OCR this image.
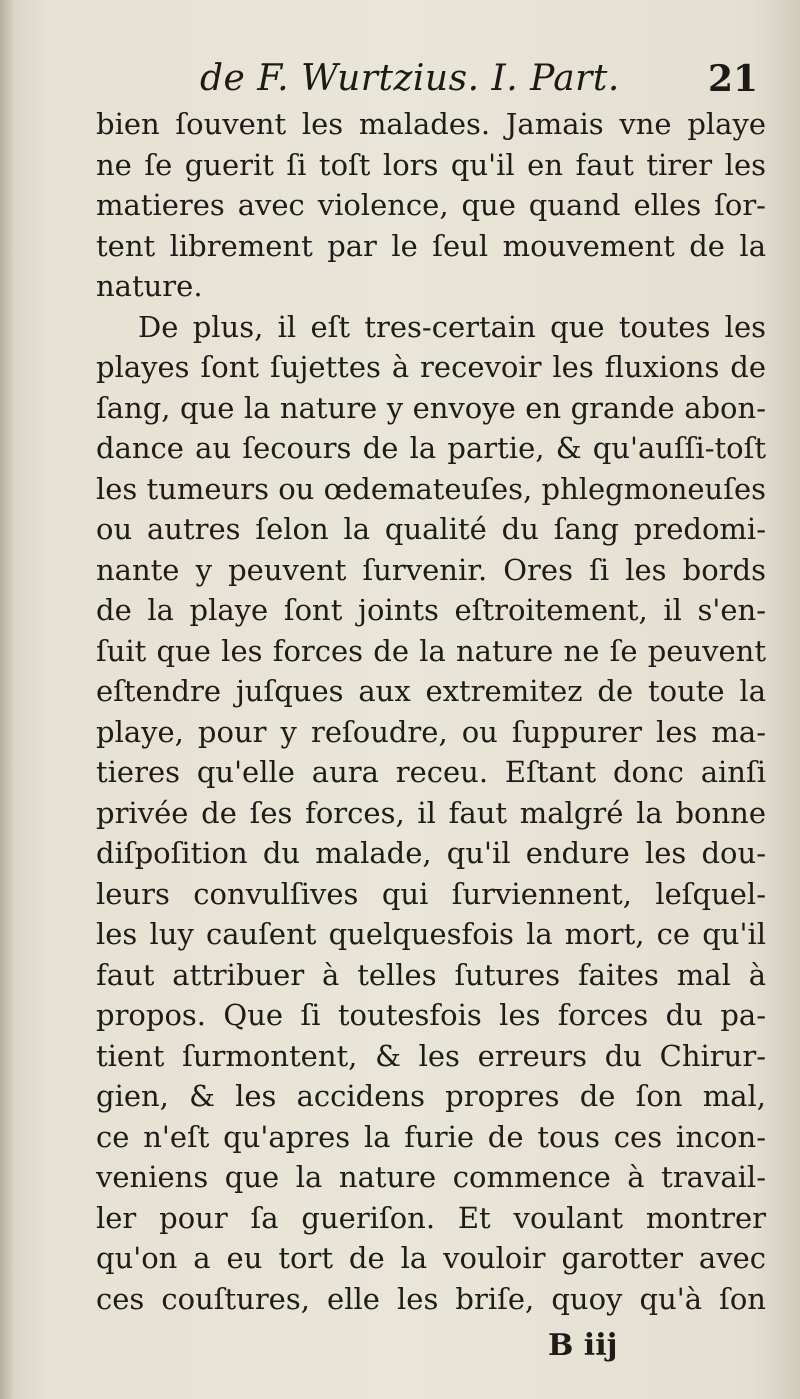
de F. Wurtzius. I. Part. 21
bien ſouvent les malades. Jamais vne playe
ne ſe guerit ſi toſt lors qu'il en faut tirer les
matieres avec violence, que quand elles ſor-
tent librement par le ſeul mouvement de la
nature.
De plus, il eſt tres-certain que toutes les
playes ſont ſujettes à recevoir les fluxions de
ſang, que la nature y envoye en grande abon-
dance au ſecours de la partie, & qu'auſſi-toſt
les tumeurs ou œdemateuſes, phlegmoneuſes
ou autres ſelon la qualité du ſang predomi-
nante y peuvent ſurvenir. Ores ſi les bords
de la playe ſont joints eſtroitement, il s'en-
ſuit que les forces de la nature ne ſe peuvent
eſtendre juſques aux extremitez de toute la
playe, pour y reſoudre, ou ſuppurer les ma-
tieres qu'elle aura receu. Eſtant donc ainſi
privée de ſes forces, il faut malgré la bonne
diſpoſition du malade, qu'il endure les dou-
leurs convulſives qui ſurviennent, leſquel-
les luy cauſent quelquesfois la mort, ce qu'il
faut attribuer à telles ſutures faites mal à
propos. Que ſi toutesfois les forces du pa-
tient ſurmontent, & les erreurs du Chirur-
gien, & les accidens propres de ſon mal,
ce n'eſt qu'apres la furie de tous ces incon-
veniens que la nature commence à travail-
ler pour ſa gueriſon. Et voulant montrer
qu'on a eu tort de la vouloir garotter avec
ces couſtures, elle les briſe, quoy qu'à ſon
B iij
